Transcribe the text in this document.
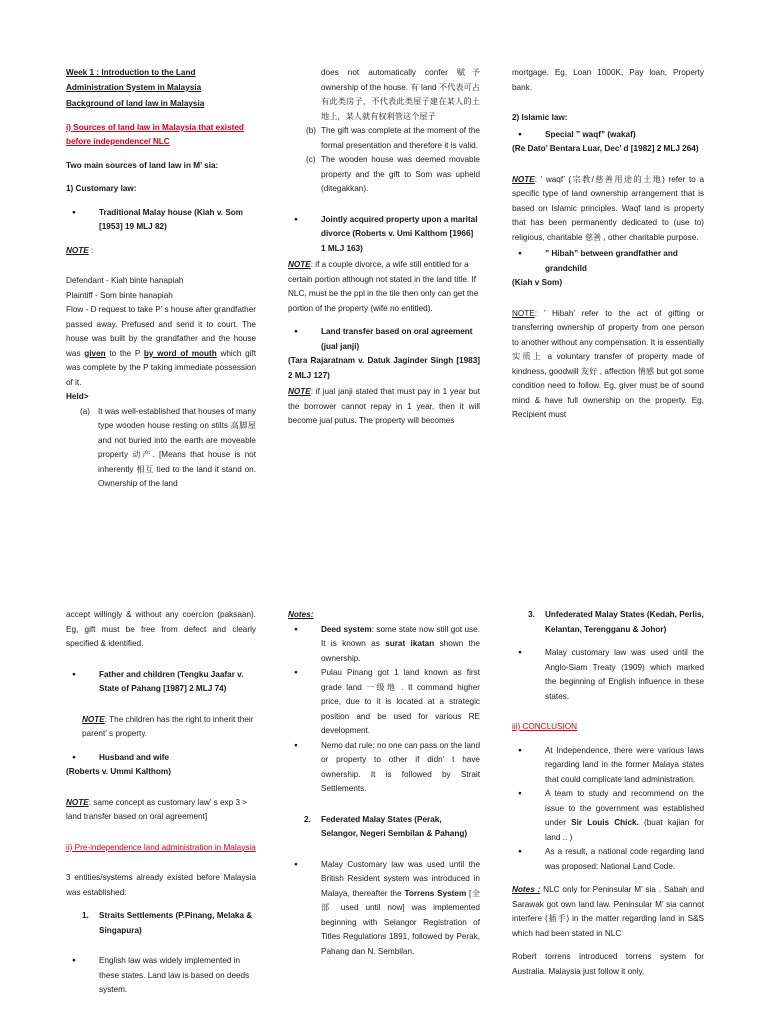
Week 1 : Introduction to the Land

Administration System in Malaysia

Background of land law in Malaysia

i) Sources of land law in Malaysia that existed before independence/ NLC

Two main sources of land law in M’ sia:

1) Customary law:

● Traditional Malay house (Kiah v. Som [1953] 19 MLJ 82)

NOTE :

Defendant - Kiah binte hanapiah

Plaintiff - Som binte hanapiah

Flow - D request to take P’ s house after grandfather passed away. Prefused and send it to court. The house was built by the grandfather and the house was given to the P by word of mouth which gift was complete by the P taking immediate possession of it.

Held>

(a) It was well-established that houses of many type wooden house resting on stilts 高脚屋 and not buried into the earth are moveable property 动产. [Means that house is not inherently 相互 tied to the land it stand on. Ownership of the land

does not automatically confer 赋予 ownership of the house. 有 land 不代表可占有此类房子，不代表此类屋子建在某人的土地上，某人就有权利管这个屋子

(b) The gift was complete at the moment of the formal presentation and therefore it is valid.
(c) The wooden house was deemed movable property and the gift to Som was upheld (ditegakkan).
● Jointly acquired property upon a marital divorce (Roberts v. Umi Kalthom [1966] 1 MLJ 163)

NOTE: if a couple divorce, a wife still entitled for a certain portion although not stated in the land title. If NLC, must be the ppl in the tile then only can get the portion of the property (wife no entitled).

● Land transfer based on oral agreement (jual janji)

(Tara Rajaratnam v. Datuk Jaginder Singh [1983] 2 MLJ 127)

NOTE: if jual janji stated that must pay in 1 year but the borrower cannot repay in 1 year, then it will become jual putus. The property will becomes

mortgage. Eg, Loan 1000K, Pay loan, Property bank.

2) Islamic law:

● Special ” waqf” (wakaf)

(Re Dato’ Bentara Luar, Dec’ d [1982] 2 MLJ 264)

NOTE: ’ waqf’ (宗教/慈善用途的土地) refer to a specific type of land ownership arrangement that is based on Islamic principles. Waqf land is property that has been permanently dedicated to (use to) religious, charitable 慈善 , other charitable purpose.

● ” Hibah” between grandfather and grandchild

(Kiah v Som)

NOTE: ’ Hibah’ refer to the act of gifting or transferring ownership of property from one person to another without any compensation. It is essentially 实质上 a voluntary transfer of property made of kindness, goodwill 友好 , affection 情感 but got some condition need to follow. Eg, giver must be of sound mind & have full ownership on the property. Eg, Recipient must

accept willingly & without any coercion (paksaan). Eg, gift must be free from defect and clearly specified & identified.

● Father and children (Tengku Jaafar v. State of Pahang [1987] 2 MLJ 74)

NOTE: The children has the right to inherit their parent’ s property.

● Husband and wife

(Roberts v. Ummi Kalthom)

NOTE: same concept as customary law’ s exp 3 > land transfer based on oral agreement]

ii) Pre-independence land administration in Malaysia

3 entities/systems already existed before Malaysia was established:

1. Straits Settlements (P.Pinang, Melaka & Singapura)
● English law was widely implemented in these states. Land law is based on deeds system.

Notes:

● Deed system: some state now still got use. It is known as surat ikatan shown the ownership.
● Pulau Pinang got 1 land known as first grade land 一级地 . It command higher price, due to it is located at a strategic position and be used for various RE development.
● Nemo dat rule: no one can pass on the land or property to other if didn’ t have ownership. It is followed by Strait Settlements.
2. Federated Malay States (Perak, Selangor, Negeri Sembilan & Pahang)
● Malay Customary law was used until the British Resident system was introduced in Malaya, thereafter the Torrens System [全部 used until now] was implemented beginning with Selangor Registration of Titles Regulations 1891, followed by Perak, Pahang dan N. Sembilan.
3. Unfederated Malay States (Kedah, Perlis, Kelantan, Terengganu & Johor)
● Malay customary law was used until the Anglo-Siam Treaty (1909) which marked the beginning of English influence in these states.

iii) CONCLUSION

● At Independence, there were various laws regarding land in the former Malaya states that could complicate land administration.
● A team to study and recommend on the issue to the government was established under Sir Louis Chick. (buat kajian for land .. )
● As a result, a national code regarding land was proposed: National Land Code.

Notes : NLC only for Peninsular M’ sia . Sabah and Sarawak got own land law. Peninsular M’ sia cannot interfere (插手) in the matter regarding land in S&S which had been stated in NLC

Robert torrens introduced torrens system for Australia. Malaysia just follow it only.
